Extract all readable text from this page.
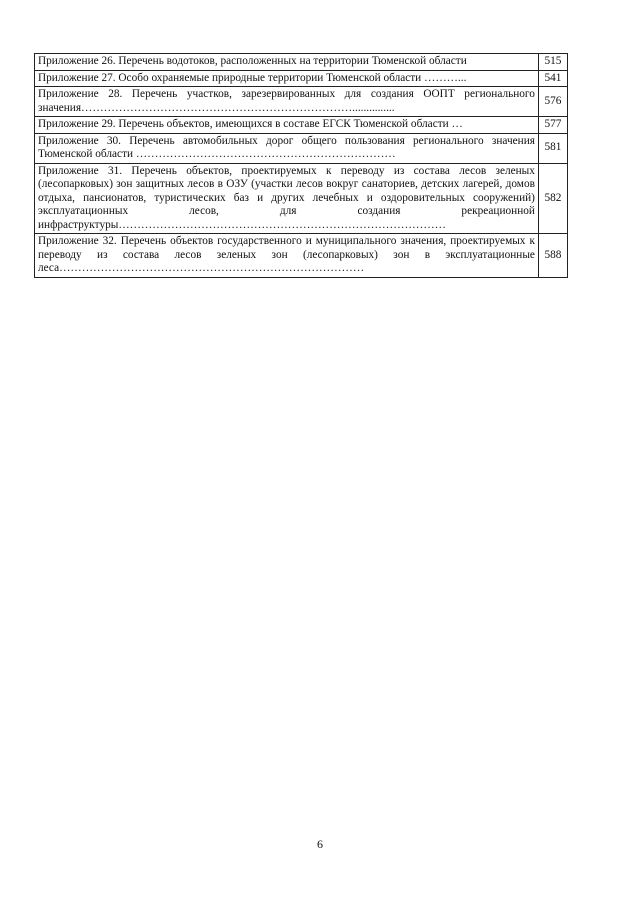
Приложение 26. Перечень водотоков, расположенных на территории Тюменской области	515
Приложение 27. Особо охраняемые природные территории Тюменской области ………...	541
Приложение 28. Перечень участков, зарезервированных для создания ООПТ регионального значения………………………………………………………………...............	576
Приложение 29. Перечень объектов, имеющихся в составе ЕГСК Тюменской области …	577
Приложение 30. Перечень автомобильных дорог общего пользования регионального значения Тюменской области ……………………………………………………………	581
Приложение 31. Перечень объектов, проектируемых к переводу из состава лесов зеленых (лесопарковых) зон защитных лесов в ОЗУ (участки лесов вокруг санаториев, детских лагерей, домов отдыха, пансионатов, туристических баз и других лечебных и оздоровительных сооружений) эксплуатационных лесов, для создания рекреационной инфраструктуры……………………………………………………………………………	582
Приложение 32. Перечень объектов государственного и муниципального значения, проектируемых к переводу из состава лесов зеленых зон (лесопарковых) зон в эксплуатационные леса………………………………………………………………………	588
6
